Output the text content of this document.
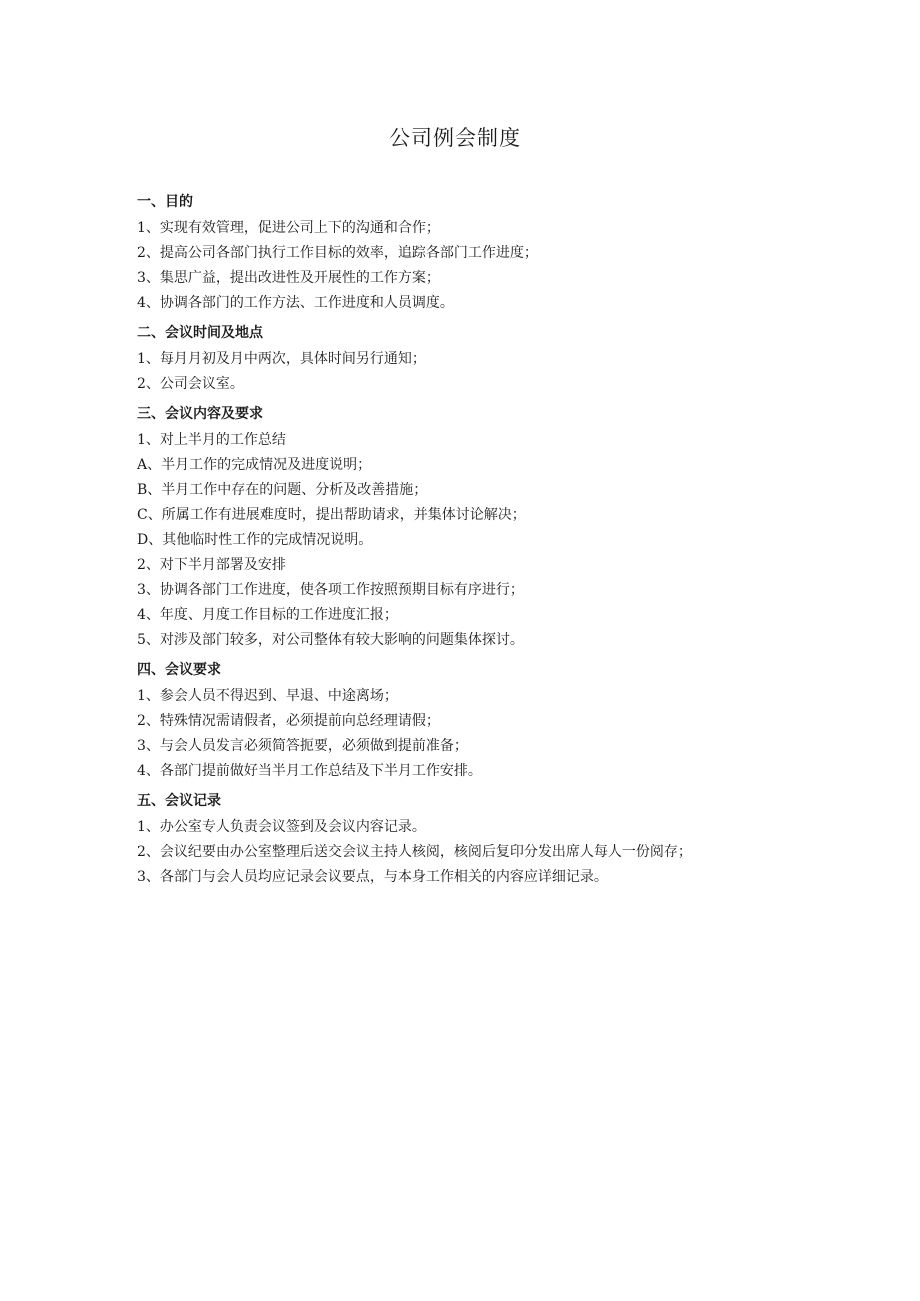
公司例会制度
一、目的
1、实现有效管理，促进公司上下的沟通和合作；
2、提高公司各部门执行工作目标的效率，追踪各部门工作进度；
3、集思广益，提出改进性及开展性的工作方案；
4、协调各部门的工作方法、工作进度和人员调度。
二、会议时间及地点
1、每月月初及月中两次，具体时间另行通知；
2、公司会议室。
三、会议内容及要求
1、对上半月的工作总结
A、半月工作的完成情况及进度说明；
B、半月工作中存在的问题、分析及改善措施；
C、所属工作有进展难度时，提出帮助请求，并集体讨论解决；
D、其他临时性工作的完成情况说明。
2、对下半月部署及安排
3、协调各部门工作进度，使各项工作按照预期目标有序进行；
4、年度、月度工作目标的工作进度汇报；
5、对涉及部门较多，对公司整体有较大影响的问题集体探讨。
四、会议要求
1、参会人员不得迟到、早退、中途离场；
2、特殊情况需请假者，必须提前向总经理请假；
3、与会人员发言必须简答扼要，必须做到提前准备；
4、各部门提前做好当半月工作总结及下半月工作安排。
五、会议记录
1、办公室专人负责会议签到及会议内容记录。
2、会议纪要由办公室整理后送交会议主持人核阅，核阅后复印分发出席人每人一份阅存；
3、各部门与会人员均应记录会议要点，与本身工作相关的内容应详细记录。
